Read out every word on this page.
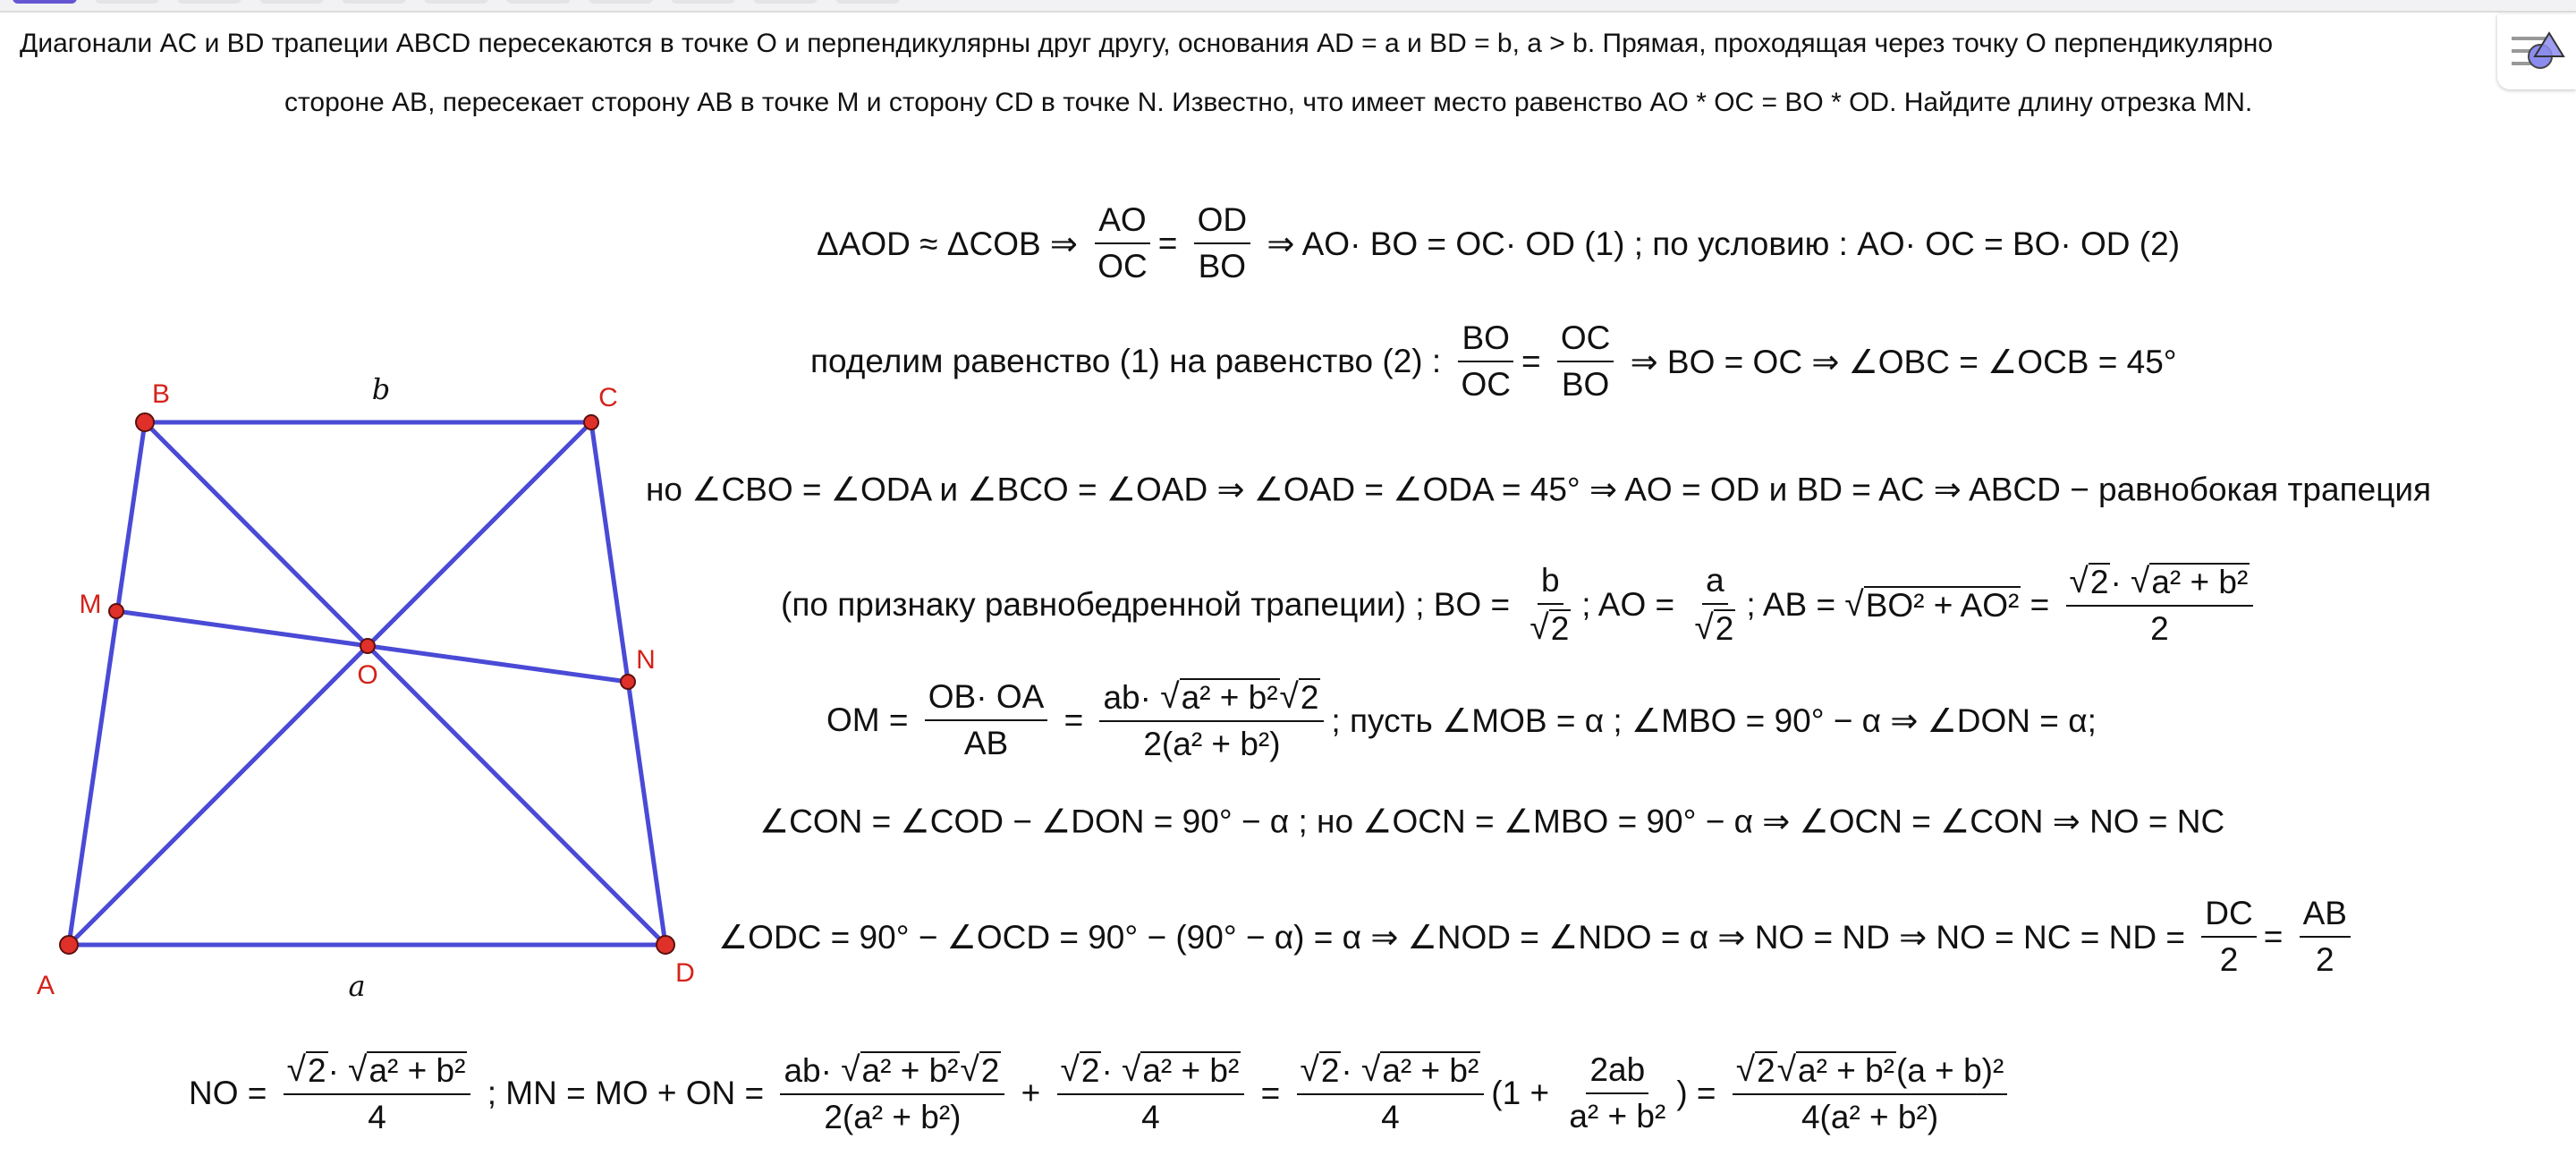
Диагонали AC и BD трапеции ABCD пересекаются в точке O и перпендикулярны друг другу, основания AD = a и BD = b, a > b. Прямая, проходящая через точку O перпендикулярно
стороне AB, пересекает сторону AB в точке M и сторону CD в точке N. Известно, что имеет место равенство AO * OC = BO * OD. Найдите длину отрезка MN.
B	C
M
O
N
A	D
b
a
ΔAOD ≈ ΔCOB ⇒ $\frac{AO}{OC} = \frac{OD}{BO}$ ⇒ AO· BO = OC· OD (1) ; по условию : AO· OC = BO· OD (2)
поделим равенство (1) на равенство (2) : $\frac{BO}{OC} = \frac{OC}{BO}$ ⇒ BO = OC ⇒ ∠OBC = ∠OCB = 45°
но ∠CBO = ∠ODA и ∠BCO = ∠OAD ⇒ ∠OAD = ∠ODA = 45° ⇒ AO = OD и BD = AC ⇒ ABCD − равнобокая трапеция
(по признаку равнобедренной трапеции) ; BO = $\frac{b}{√ 2}$ ; AO = $\frac{a}{√ 2}$ ; AB = √ $BO^2 + AO^2 = \frac{\text{√ 2 · √ a² + b²}}{2}$
OM = $\frac{OB\cdot OA}{AB} = \frac{\text{ab· √ a² + b² √ 2}}{\text{2(a² + b²)}}$ ; пусть ∠MOB = α ; ∠MBO = 90° − α ⇒ ∠DON = α;
∠CON = ∠COD − ∠DON = 90° − α ; но ∠OCN = ∠MBO = 90° − α ⇒ ∠OCN = ∠CON ⇒ NO = NC
∠ODC = 90° − ∠OCD = 90° − (90° − α) = α ⇒ ∠NOD = ∠NDO = α ⇒ NO = ND ⇒ NO = NC = ND = $\frac{DC}{2} = \frac{AB}{2}$
NO = $\frac{\text{√ 2 · √ a² + b²}}{4}$ ; MN = MO + ON = $\frac{\text{ab· √ a² + b² √ 2}}{\text{2(a² + b²)}} + \frac{\text{√ 2 · √ a² + b²}}{4} = \frac{\text{√ 2 · √ a² + b²}}{4} (1 + \frac{2ab}{\text{a² + b²}}$ ) = $\frac{\text{√ 2 √ a² + b² (a + b)²}}{\text{4(a² + b²)}}$
